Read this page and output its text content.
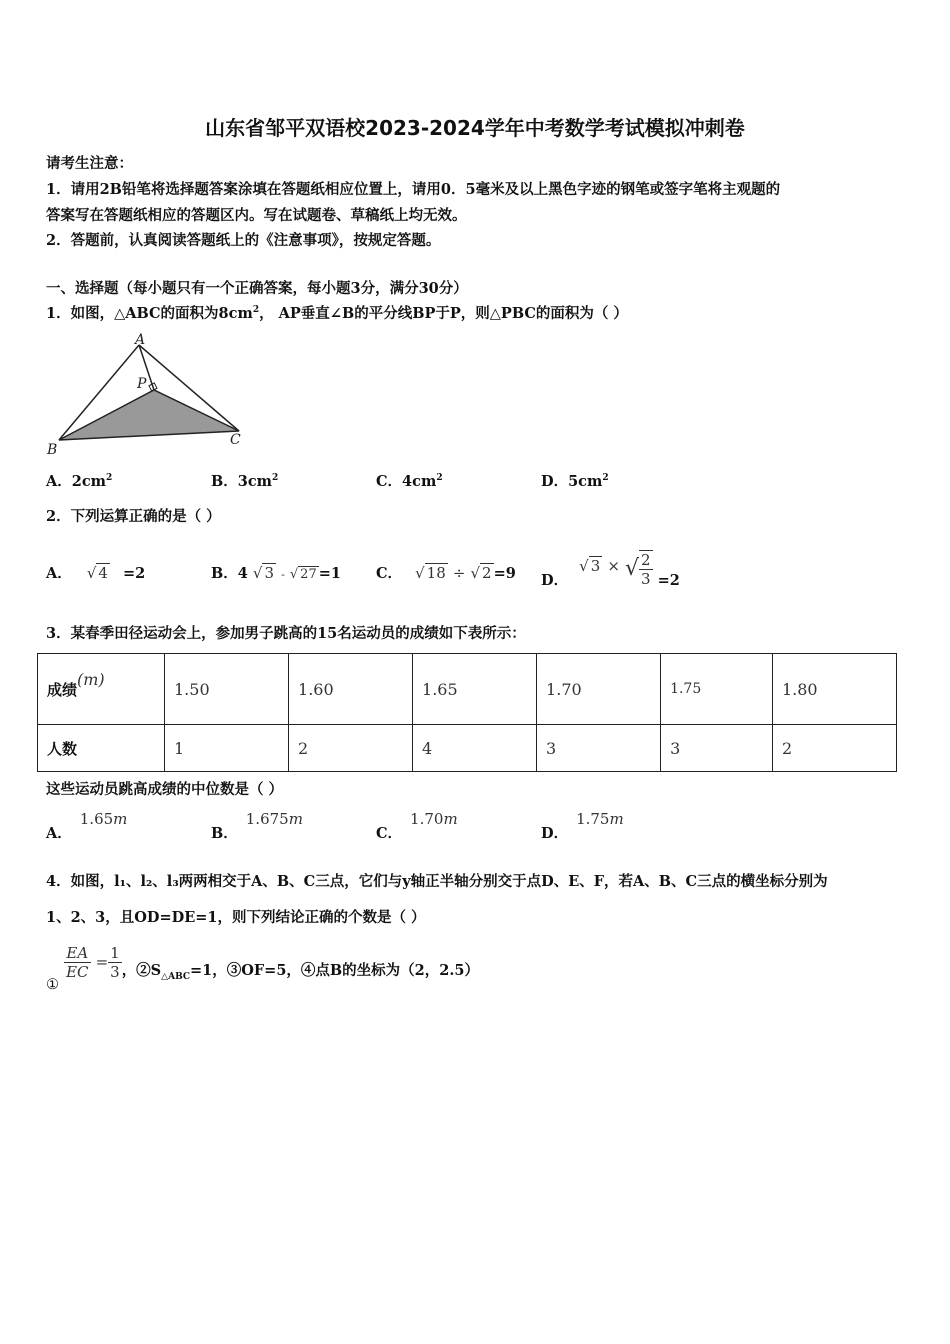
山东省邹平双语校2023-2024学年中考数学考试模拟冲刺卷
请考生注意：
1．请用2B铅笔将选择题答案涂填在答题纸相应位置上，请用0．5毫米及以上黑色字迹的钢笔或签字笔将主观题的
答案写在答题纸相应的答题区内。写在试题卷、草稿纸上均无效。
2．答题前，认真阅读答题纸上的《注意事项》，按规定答题。
一、选择题（每小题只有一个正确答案，每小题3分，满分30分）
1．如图，△ABC的面积为$8cm^2$， AP垂直∠B的平分线BP于P，则△PBC的面积为（ ）
A
B
C
P
A．$2cm^2$	B．$3cm^2$	C．$4cm^2$	D．$5cm^2$
2．下列运算正确的是（ ）
A． √ 4 =2	B．4 √ 3 - √ 27 =1 C． √ 18 ÷ √ 2 =9 D． √ 3 × √ $\frac{2}{3} =2$
3．某春季田径运动会上，参加男子跳高的15名运动员的成绩如下表所示：
成绩(m)	1.50	1.60	1.65	1.70	1.75	1.80
人数	1	2	4	3	3	2
这些运动员跳高成绩的中位数是（ ）
A．1.65m
B．1.675m
C．1.70m
D．1.75m
4．如图，l₁、l₂、l₃两两相交于A、B、C三点，它们与y轴正半轴分别交于点D、E、F，若A、B、C三点的横坐标分别为
1、2、3，且OD=DE=1，则下列结论正确的个数是（ ）
①
$\frac{EA}{EC} = \frac{1}{3}$ ，$②S_{\triangle ABC}=1$，③OF=5，④点B的坐标为（2，2.5）
